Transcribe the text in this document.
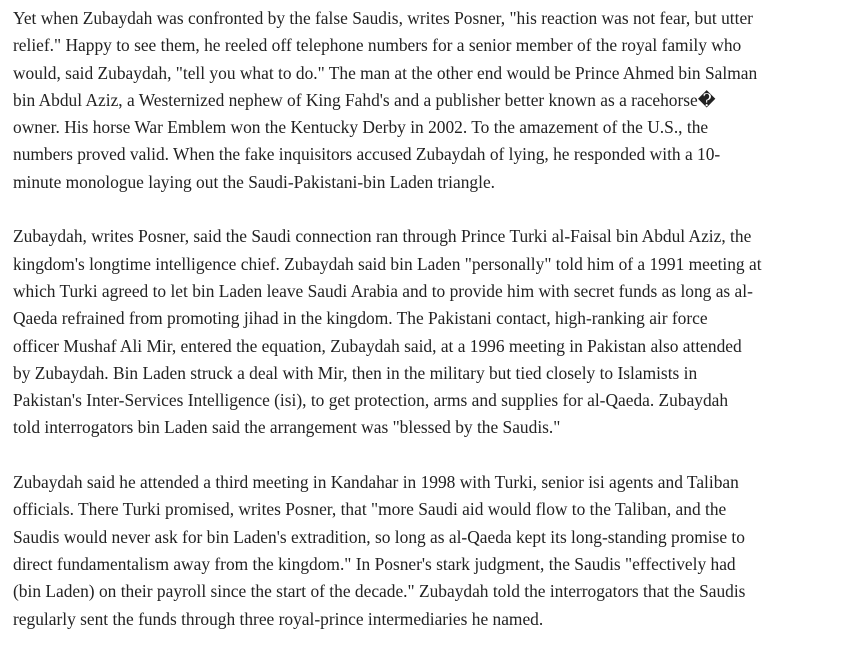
Yet when Zubaydah was confronted by the false Saudis, writes Posner, "his reaction was not fear, but utter
relief." Happy to see them, he reeled off telephone numbers for a senior member of the royal family who
would, said Zubaydah, "tell you what to do." The man at the other end would be Prince Ahmed bin Salman
bin Abdul Aziz, a Westernized nephew of King Fahd's and a publisher better known as a racehorse�
owner. His horse War Emblem won the Kentucky Derby in 2002. To the amazement of the U.S., the
numbers proved valid. When the fake inquisitors accused Zubaydah of lying, he responded with a 10-
minute monologue laying out the Saudi-Pakistani-bin Laden triangle.

Zubaydah, writes Posner, said the Saudi connection ran through Prince Turki al-Faisal bin Abdul Aziz, the
kingdom's longtime intelligence chief. Zubaydah said bin Laden "personally" told him of a 1991 meeting at
which Turki agreed to let bin Laden leave Saudi Arabia and to provide him with secret funds as long as al-
Qaeda refrained from promoting jihad in the kingdom. The Pakistani contact, high-ranking air force
officer Mushaf Ali Mir, entered the equation, Zubaydah said, at a 1996 meeting in Pakistan also attended
by Zubaydah. Bin Laden struck a deal with Mir, then in the military but tied closely to Islamists in
Pakistan's Inter-Services Intelligence (isi), to get protection, arms and supplies for al-Qaeda. Zubaydah
told interrogators bin Laden said the arrangement was "blessed by the Saudis."

Zubaydah said he attended a third meeting in Kandahar in 1998 with Turki, senior isi agents and Taliban
officials. There Turki promised, writes Posner, that "more Saudi aid would flow to the Taliban, and the
Saudis would never ask for bin Laden's extradition, so long as al-Qaeda kept its long-standing promise to
direct fundamentalism away from the kingdom." In Posner's stark judgment, the Saudis "effectively had
(bin Laden) on their payroll since the start of the decade." Zubaydah told the interrogators that the Saudis
regularly sent the funds through three royal-prince intermediaries he named.
